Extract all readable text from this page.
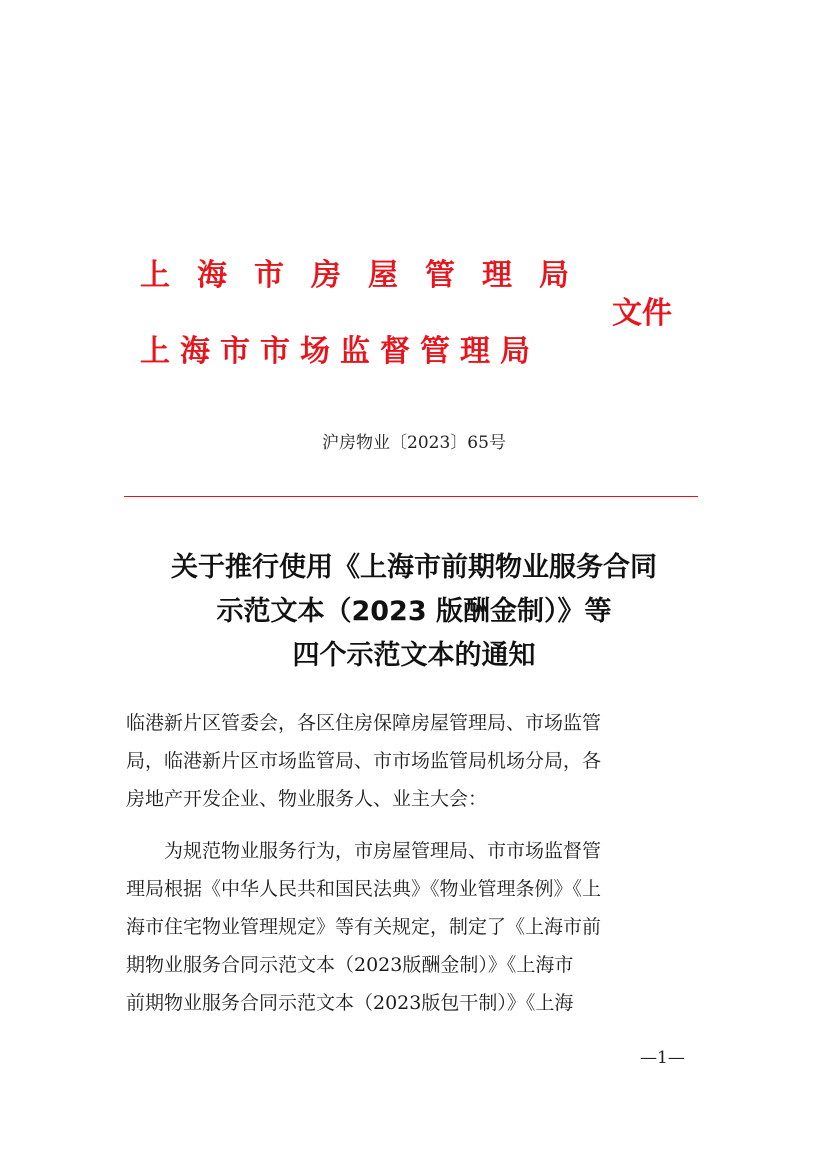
上海市房屋管理局
上海市市场监督管理局
文件
沪房物业〔2023〕65号
关于推行使用《上海市前期物业服务合同
示范文本（2023 版酬金制）》等
四个示范文本的通知
临港新片区管委会，各区住房保障房屋管理局、市场监管
局，临港新片区市场监管局、市市场监管局机场分局，各
房地产开发企业、物业服务人、业主大会：
　　为规范物业服务行为，市房屋管理局、市市场监督管
理局根据《中华人民共和国民法典》《物业管理条例》《上
海市住宅物业管理规定》等有关规定，制定了《上海市前
期物业服务合同示范文本（2023版酬金制）》《上海市
前期物业服务合同示范文本（2023版包干制）》《上海
—1—
